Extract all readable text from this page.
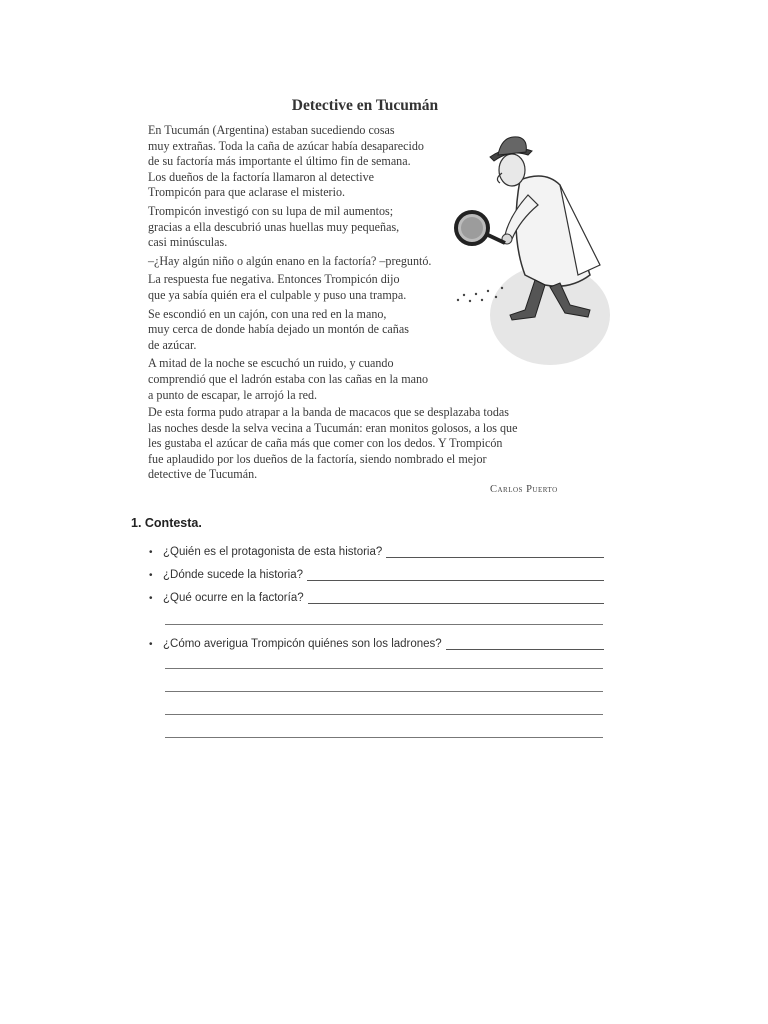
Detective en Tucumán
En Tucumán (Argentina) estaban sucediendo cosas
muy extrañas. Toda la caña de azúcar había desaparecido
de su factoría más importante el último fin de semana.
Los dueños de la factoría llamaron al detective
Trompicón para que aclarase el misterio.
Trompicón investigó con su lupa de mil aumentos;
gracias a ella descubrió unas huellas muy pequeñas,
casi minúsculas.
–¿Hay algún niño o algún enano en la factoría? –preguntó.
La respuesta fue negativa. Entonces Trompicón dijo
que ya sabía quién era el culpable y puso una trampa.
Se escondió en un cajón, con una red en la mano,
muy cerca de donde había dejado un montón de cañas
de azúcar.
A mitad de la noche se escuchó un ruido, y cuando
comprendió que el ladrón estaba con las cañas en la mano
a punto de escapar, le arrojó la red.
De esta forma pudo atrapar a la banda de macacos que se desplazaba todas
las noches desde la selva vecina a Tucumán: eran monitos golosos, a los que
les gustaba el azúcar de caña más que comer con los dedos. Y Trompicón
fue aplaudido por los dueños de la factoría, siendo nombrado el mejor
detective de Tucumán.
Carlos Puerto
1. Contesta.
• ¿Quién es el protagonista de esta historia?
• ¿Dónde sucede la historia?
• ¿Qué ocurre en la factoría?
• ¿Cómo averigua Trompicón quiénes son los ladrones?
